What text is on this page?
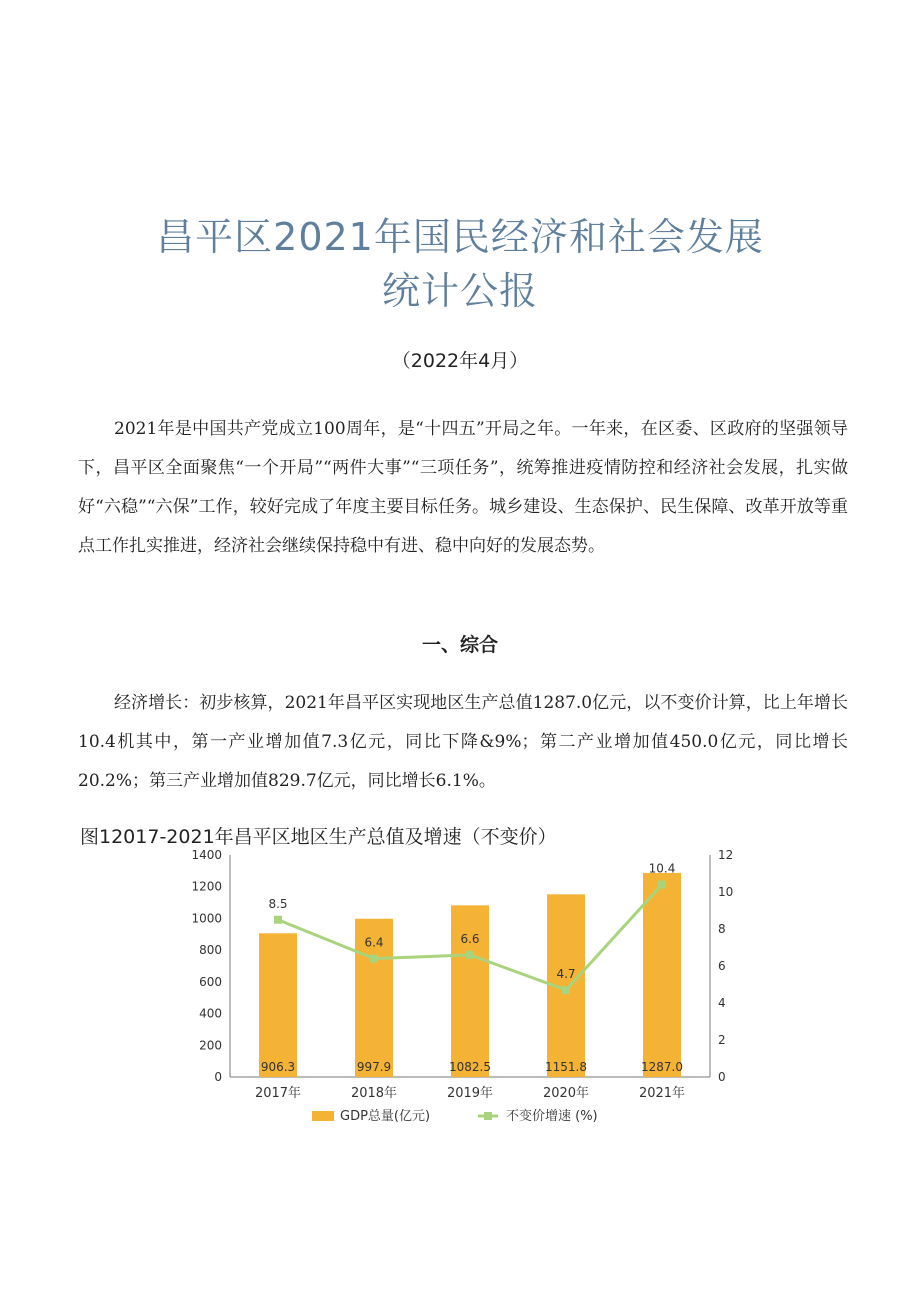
昌平区2021年国民经济和社会发展
统计公报
（2022年4月）
2021年是中国共产党成立100周年，是“十四五”开局之年。一年来，在区委、区政府的坚强领导下，昌平区全面聚焦“一个开局”“两件大事”“三项任务”，统筹推进疫情防控和经济社会发展，扎实做好“六稳”“六保”工作，较好完成了年度主要目标任务。城乡建设、生态保护、民生保障、改革开放等重点工作扎实推进，经济社会继续保持稳中有进、稳中向好的发展态势。
一、综合
经济增长：初步核算，2021年昌平区实现地区生产总值1287.0亿元，以不变价计算，比上年增长10.4机其中，第一产业增加值7.3亿元，同比下降&9%；第二产业增加值450.0亿元，同比增长20.2%；第三产业增加值829.7亿元，同比增长6.1%。
图12017-2021年昌平区地区生产总值及增速（不变价）
0
200
400
600
800
1000
1200
1400
0
2
4
6
8
10
12
906.3	997.9	1082.5	1151.8	1287.0
2017年	2018年	2019年	2020年	2021年
8.5
6.4	6.6
4.7
10.4
GDP总量(亿元)	不变价增速 (%)
